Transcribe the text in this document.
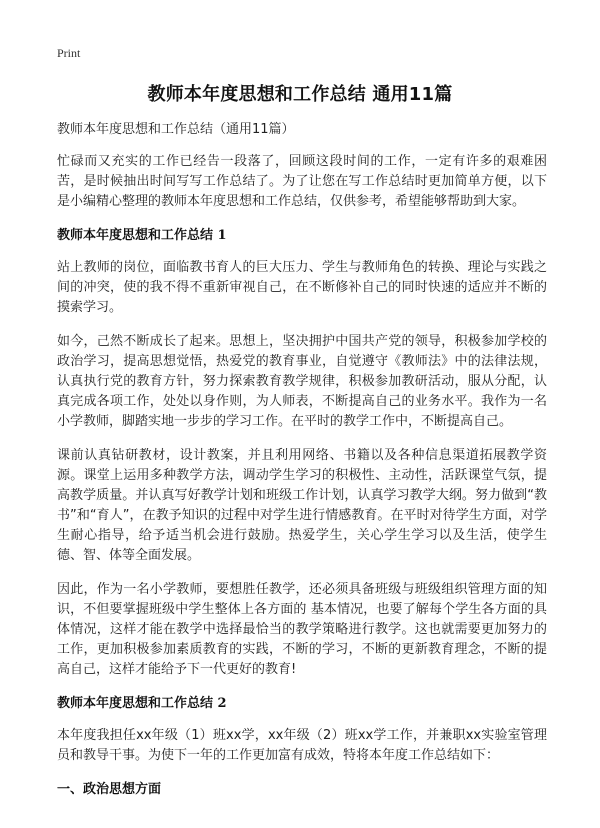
Print
教师本年度思想和工作总结 通用11篇
教师本年度思想和工作总结（通用11篇）

忙碌而又充实的工作已经告一段落了，回顾这段时间的工作，一定有许多的艰难困苦，是时候抽出时间写写工作总结了。为了让您在写工作总结时更加简单方便，以下是小编精心整理的教师本年度思想和工作总结，仅供参考，希望能够帮助到大家。

教师本年度思想和工作总结 1

站上教师的岗位，面临教书育人的巨大压力、学生与教师角色的转换、理论与实践之间的冲突，使的我不得不重新审视自己，在不断修补自己的同时快速的适应并不断的摸索学习。

如今，己然不断成长了起来。思想上，坚决拥护中国共产党的领导，积极参加学校的政治学习，提高思想觉悟，热爱党的教育事业，自觉遵守《教师法》中的法律法规，认真执行党的教育方针，努力探索教育教学规律，积极参加教研活动，服从分配，认真完成各项工作，处处以身作则，为人师表，不断提高自己的业务水平。我作为一名小学教师，脚踏实地一步步的学习工作。在平时的教学工作中，不断提高自己。

课前认真钻研教材，设计教案，并且利用网络、书籍以及各种信息渠道拓展教学资源。课堂上运用多种教学方法，调动学生学习的积极性、主动性，活跃课堂气氛，提高教学质量。并认真写好教学计划和班级工作计划，认真学习教学大纲。努力做到“教书”和“育人”，在教予知识的过程中对学生进行情感教育。在平时对待学生方面，对学生耐心指导，给予适当机会进行鼓励。热爱学生，关心学生学习以及生活，使学生德、智、体等全面发展。

因此，作为一名小学教师，要想胜任教学，还必须具备班级与班级组织管理方面的知识，不但要掌握班级中学生整体上各方面的 基本情况，也要了解每个学生各方面的具体情况，这样才能在教学中选择最恰当的教学策略进行教学。这也就需要更加努力的工作，更加积极参加素质教育的实践，不断的学习，不断的更新教育理念，不断的提高自己，这样才能给予下一代更好的教育!

教师本年度思想和工作总结 2

本年度我担任xx年级（1）班xx学，xx年级（2）班xx学工作，并兼职xx实验室管理员和教导干事。为使下一年的工作更加富有成效，特将本年度工作总结如下：

一、政治思想方面
